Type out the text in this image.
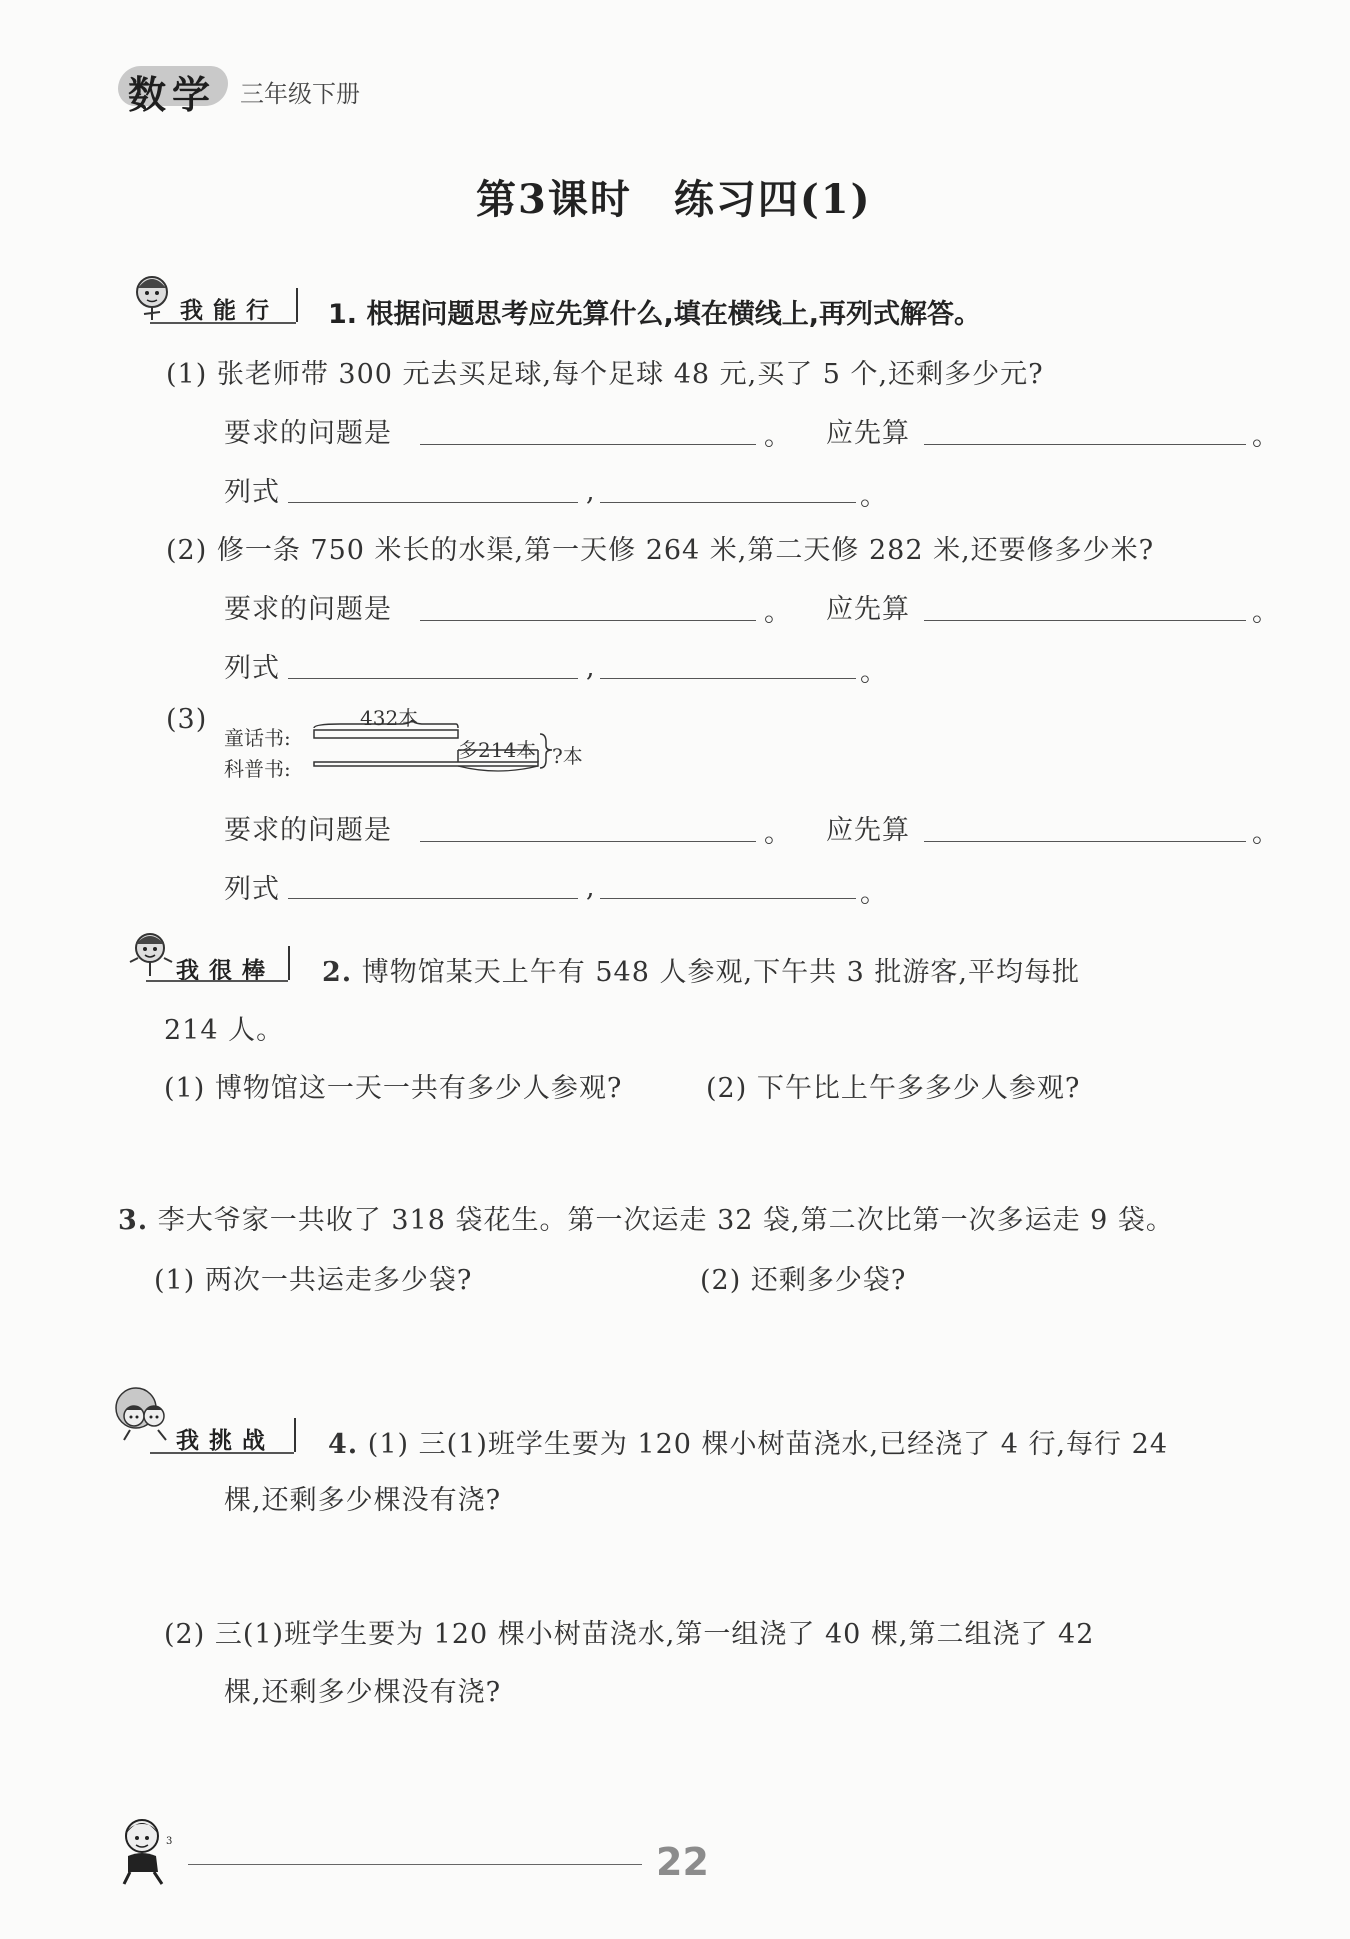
数学 三年级下册
第3课时　练习四(1)
我能行 1. 根据问题思考应先算什么,填在横线上,再列式解答。
(1) 张老师带 300 元去买足球,每个足球 48 元,买了 5 个,还剩多少元?
要求的问题是	。 应先算	。
列式	,	。
(2) 修一条 750 米长的水渠,第一天修 264 米,第二天修 282 米,还要修多少米?
要求的问题是	。 应先算	。
列式	,	。
(3)
童话书:
科普书:
432本
多214本 ?本
要求的问题是	。 应先算	。
列式	,	。
我很棒 2. 博物馆某天上午有 548 人参观,下午共 3 批游客,平均每批
214 人。
(1) 博物馆这一天一共有多少人参观?	(2) 下午比上午多多少人参观?
3. 李大爷家一共收了 318 袋花生。第一次运走 32 袋,第二次比第一次多运走 9 袋。
(1) 两次一共运走多少袋?	(2) 还剩多少袋?
我挑战 4. (1) 三(1)班学生要为 120 棵小树苗浇水,已经浇了 4 行,每行 24
棵,还剩多少棵没有浇?
(2) 三(1)班学生要为 120 棵小树苗浇水,第一组浇了 40 棵,第二组浇了 42
棵,还剩多少棵没有浇?
3	22
